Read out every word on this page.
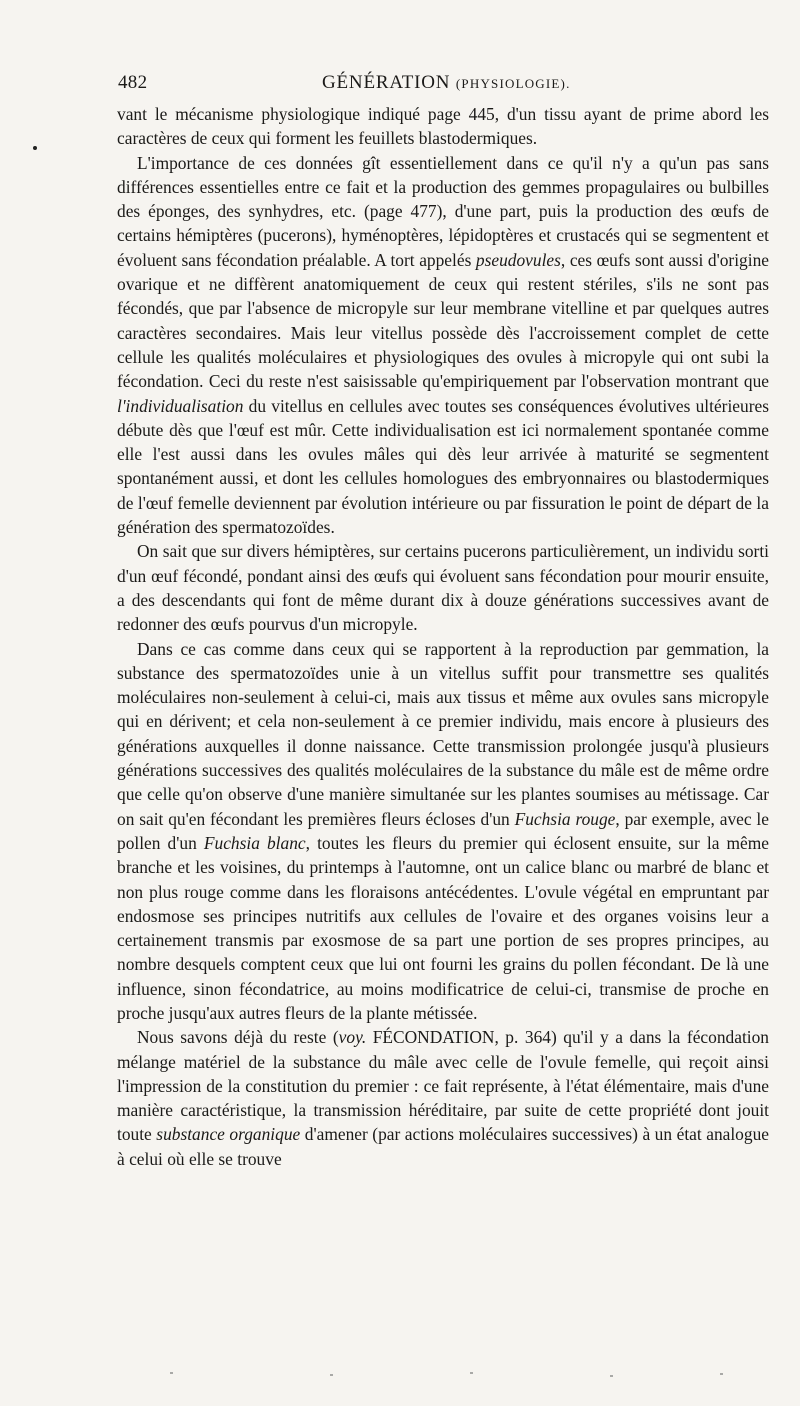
482	GÉNÉRATION (PHYSIOLOGIE).

vant le mécanisme physiologique indiqué page 445, d'un tissu ayant de prime abord les caractères de ceux qui forment les feuillets blastodermiques.

L'importance de ces données gît essentiellement dans ce qu'il n'y a qu'un pas sans différences essentielles entre ce fait et la production des gemmes propagulaires ou bulbilles des éponges, des synhydres, etc. (page 477), d'une part, puis la production des œufs de certains hémiptères (pucerons), hyménoptères, lépidoptères et crustacés qui se segmentent et évoluent sans fécondation préalable. A tort appelés pseudovules, ces œufs sont aussi d'origine ovarique et ne diffèrent anatomiquement de ceux qui restent stériles, s'ils ne sont pas fécondés, que par l'absence de micropyle sur leur membrane vitelline et par quelques autres caractères secondaires. Mais leur vitellus possède dès l'accroissement complet de cette cellule les qualités moléculaires et physiologiques des ovules à micropyle qui ont subi la fécondation. Ceci du reste n'est saisissable qu'empiriquement par l'observation montrant que l'individualisation du vitellus en cellules avec toutes ses conséquences évolutives ultérieures débute dès que l'œuf est mûr. Cette individualisation est ici normalement spontanée comme elle l'est aussi dans les ovules mâles qui dès leur arrivée à maturité se segmentent spontanément aussi, et dont les cellules homologues des embryonnaires ou blastodermiques de l'œuf femelle deviennent par évolution intérieure ou par fissuration le point de départ de la génération des spermatozoïdes.

On sait que sur divers hémiptères, sur certains pucerons particulièrement, un individu sorti d'un œuf fécondé, pondant ainsi des œufs qui évoluent sans fécondation pour mourir ensuite, a des descendants qui font de même durant dix à douze générations successives avant de redonner des œufs pourvus d'un micropyle.

Dans ce cas comme dans ceux qui se rapportent à la reproduction par gemmation, la substance des spermatozoïdes unie à un vitellus suffit pour transmettre ses qualités moléculaires non-seulement à celui-ci, mais aux tissus et même aux ovules sans micropyle qui en dérivent; et cela non-seulement à ce premier individu, mais encore à plusieurs des générations auxquelles il donne naissance. Cette transmission prolongée jusqu'à plusieurs générations successives des qualités moléculaires de la substance du mâle est de même ordre que celle qu'on observe d'une manière simultanée sur les plantes soumises au métissage. Car on sait qu'en fécondant les premières fleurs écloses d'un Fuchsia rouge, par exemple, avec le pollen d'un Fuchsia blanc, toutes les fleurs du premier qui éclosent ensuite, sur la même branche et les voisines, du printemps à l'automne, ont un calice blanc ou marbré de blanc et non plus rouge comme dans les floraisons antécédentes. L'ovule végétal en empruntant par endosmose ses principes nutritifs aux cellules de l'ovaire et des organes voisins leur a certainement transmis par exosmose de sa part une portion de ses propres principes, au nombre desquels comptent ceux que lui ont fourni les grains du pollen fécondant. De là une influence, sinon fécondatrice, au moins modificatrice de celui-ci, transmise de proche en proche jusqu'aux autres fleurs de la plante métissée.

Nous savons déjà du reste (voy. FÉCONDATION, p. 364) qu'il y a dans la fécondation mélange matériel de la substance du mâle avec celle de l'ovule femelle, qui reçoit ainsi l'impression de la constitution du premier : ce fait représente, à l'état élémentaire, mais d'une manière caractéristique, la transmission héréditaire, par suite de cette propriété dont jouit toute substance organique d'amener (par actions moléculaires successives) à un état analogue à celui où elle se trouve
